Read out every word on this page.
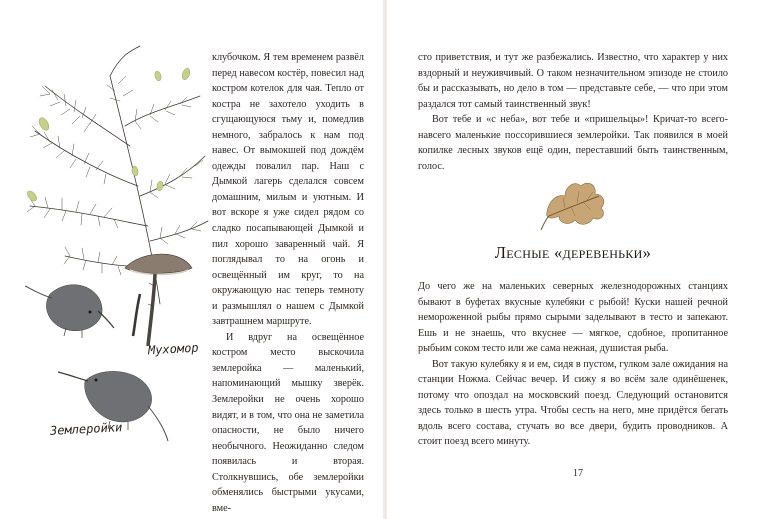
Мухомор
Землеройки

клубочком. Я тем временем развёл перед навесом костёр, повесил над костром котелок для чая. Тепло от костра не захотело уходить в сгущающуюся тьму и, помедлив немного, забралось к нам под навес. От вымокшей под дождём одежды повалил пар. Наш с Дымкой лагерь сделался совсем домашним, милым и уютным. И вот вскоре я уже сидел рядом со сладко посапывающей Дымкой и пил хорошо заваренный чай. Я поглядывал то на огонь и освещённый им круг, то на окружающую нас теперь темноту и размышлял о нашем с Дымкой завтрашнем маршруте.

И вдруг на освещённое костром место выскочила землеройка — маленький, напоминающий мышку зверёк. Землеройки не очень хорошо видят, и в том, что она не заметила опасности, не было ничего необычного. Неожиданно следом появилась и вторая. Столкнувшись, обе землеройки обменялись быстрыми укусами, вме-

сто приветствия, и тут же разбежались. Известно, что характер у них вздорный и неуживчивый. О таком незначительном эпизоде не стоило бы и рассказывать, но дело в том — представьте себе, — что при этом раздался тот самый таинственный звук!

Вот тебе и «с неба», вот тебе и «пришельцы»! Кричат-то всего-навсего маленькие поссорившиеся землеройки. Так появился в моей копилке лесных звуков ещё один, переставший быть таинственным, голос.

Лесные «деревеньки»

До чего же на маленьких северных железнодорожных станциях бывают в буфетах вкусные кулебяки с рыбой! Куски нашей речной немороженной рыбы прямо сырыми заделывают в тесто и запекают. Ешь и не знаешь, что вкуснее — мягкое, сдобное, пропитанное рыбьим соком тесто или же сама нежная, душистая рыба.

Вот такую кулебяку я и ем, сидя в пустом, гулком зале ожидания на станции Ножма. Сейчас вечер. И сижу я во всём зале одинёшенек, потому что опоздал на московский поезд. Следующий остановится здесь только в шесть утра. Чтобы сесть на него, мне придётся бегать вдоль всего состава, стучать во все двери, будить проводников. А стоит поезд всего минуту.

17
